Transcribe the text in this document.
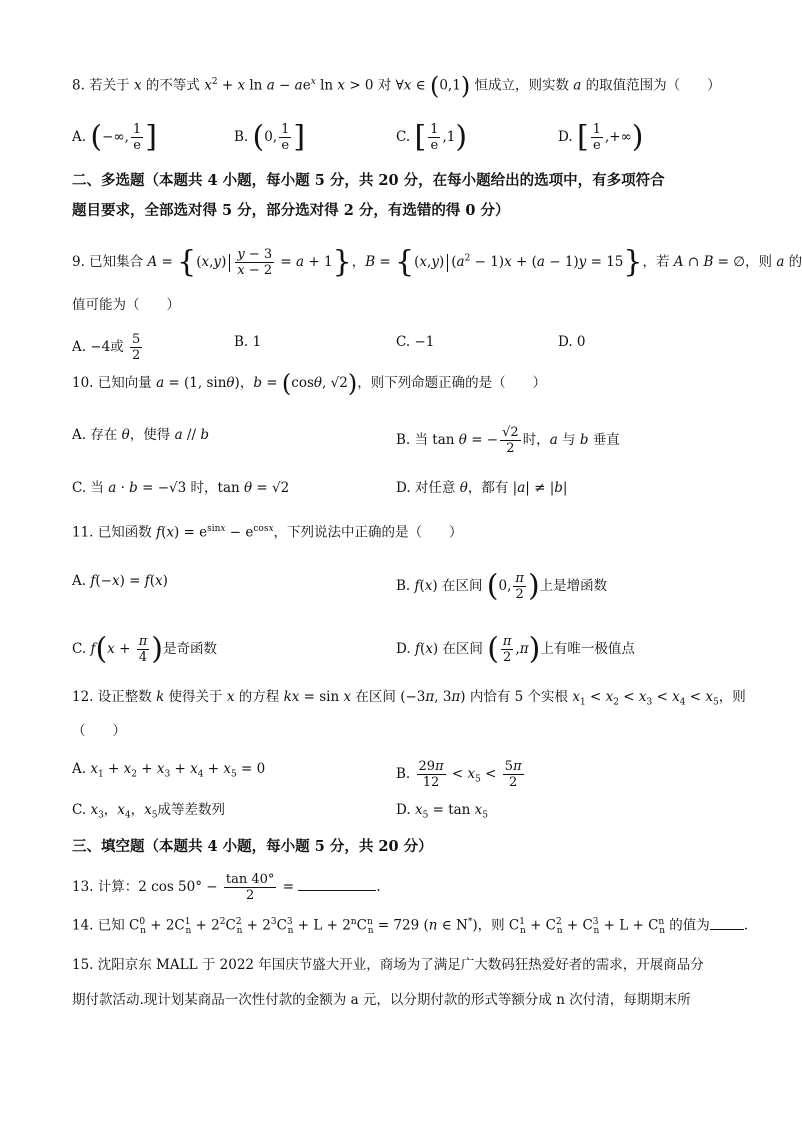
8. 若关于 x 的不等式 $x^2 + x$ $\ln a - ae^x$ ln x > 0 对 ∀x ∈ (0,1) 恒成立，则实数 a 的取值范围为（　　）
A. (−∞, $\frac{1}{e}$ ]	B. (0, $\frac{1}{e}$ ]	C. [ $\frac{1}{e} ,1$)	D. [ $\frac{1}{e}$ ,+∞)
二、多选题（本题共 4 小题，每小题 5 分，共 20 分，在每小题给出的选项中，有多项符合
题目要求，全部选对得 5 分，部分选对得 2 分，有选错的得 0 分）
9. 已知集合 $A = \{(x,y) \frac{y - 3}{x - 2} = a + 1\}$，B = {(x,y) $(a^2 - 1)x + (a - 1)y = 15$}，若 A ∩ B = ∅，则 a 的
值可能为（　　）
A. −4或 $\frac{5}{2}$	B. 1	C. −1	D. 0
10. 已知向量 a = (1, sinθ)，b = (cosθ, √2)，则下列命题正确的是（　　）
A. 存在 θ，使得 a // b	B. 当 tan θ = − $\frac{√2}{2}$ 时，a 与 b 垂直
C. 当 a · b = −√3 时，tan θ = √2	D. 对任意 θ，都有 |a| ≠ |b|
11. 已知函数 $f(x) = e^{sinx} - e^{cosx}$，下列说法中正确的是（　　）
A. f(−x) = f(x)	B. f(x) 在区间 (0, $\frac{\pi}{2}$ )上是增函数
C. $f(x + \frac{\pi}{4}$ )是奇函数	D. f(x) 在区间 ( $\frac{\pi}{2} ,\pi$)上有唯一极值点
12. 设正整数 k 使得关于 x 的方程 kx = sin x 在区间 (−3π, 3π) 内恰有 5 个实根 $x_1 < x_2 < x_3 < x_4 < x_5$，则
（　　）
A. $x_1 + x_2 + x_3 + x_4 + x_5 = 0$	B. $\frac{29\pi}{12} < x_5 < \frac{5\pi}{2}$
C. $x_3$，$x_4$，$x_5$成等差数列	D. $x_5 = \tan x_5$
三、填空题（本题共 4 小题，每小题 5 分，共 20 分）
13. 计算：2 $\cos 50^\circ - \frac{\tan 40^\circ}{2}$ =	.
14. 已知 $C^0_n + 2C^1_n + 2^2C^2_n + 2^3C^3_n + L + 2^nC^n_n = 729$ (n ∈ N*)，则 $C^1_n + C^2_n + C^3_n + L + C^n_n$ 的值为	.
15. 沈阳京东 MALL 于 2022 年国庆节盛大开业，商场为了满足广大数码狂热爱好者的需求，开展商品分
期付款活动.现计划某商品一次性付款的金额为 a 元，以分期付款的形式等额分成 n 次付清，每期期末所
